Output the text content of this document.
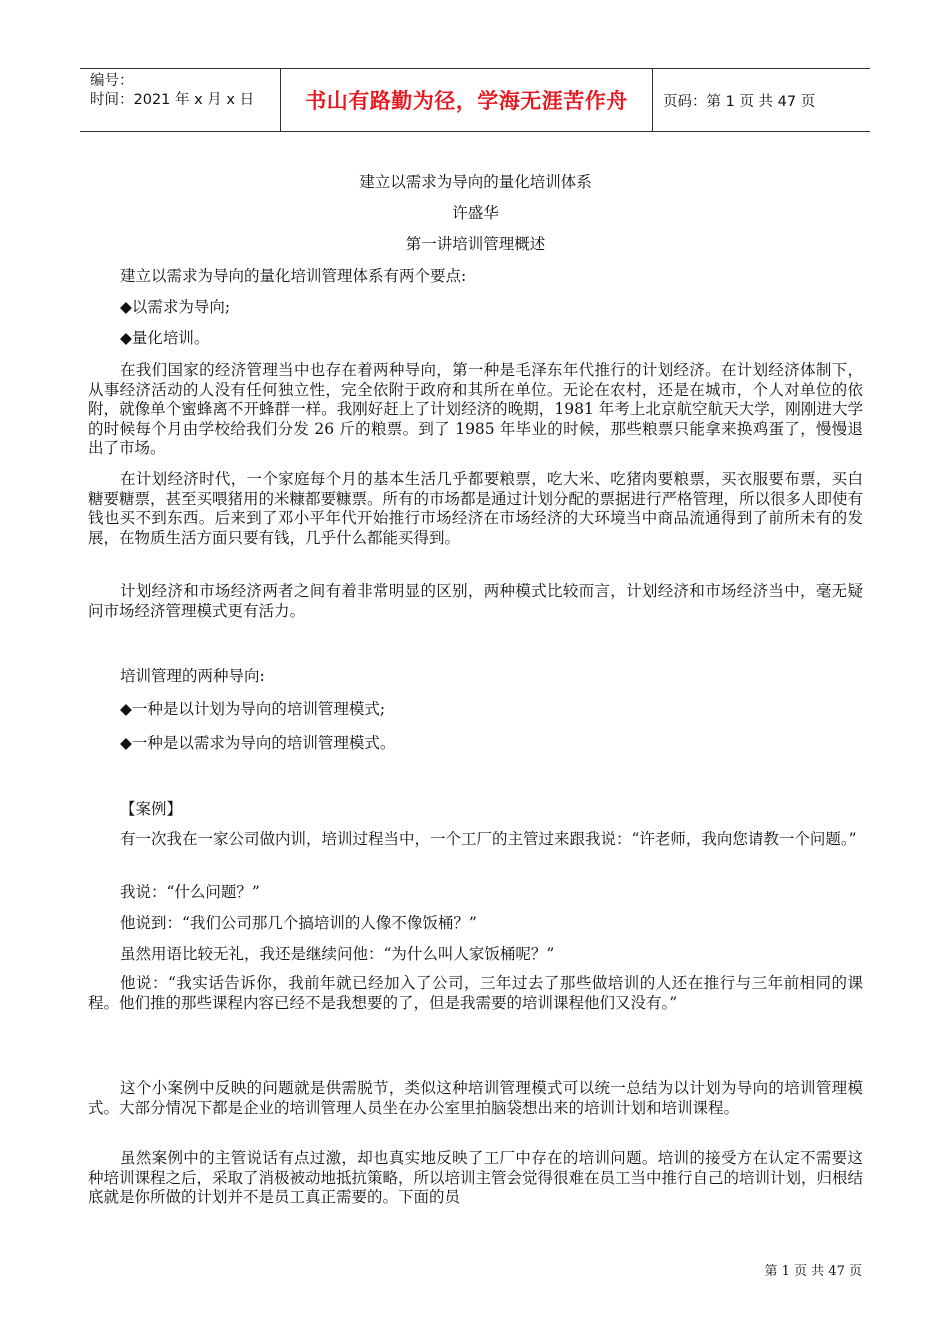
编号：
时间：2021 年 x 月 x 日	书山有路勤为径，学海无涯苦作舟	页码：第 1 页 共 47 页
建立以需求为导向的量化培训体系
许盛华
第一讲培训管理概述
建立以需求为导向的量化培训管理体系有两个要点:
◆以需求为导向;
◆量化培训。
在我们国家的经济管理当中也存在着两种导向，第一种是毛泽东年代推行的计划经济。在计划经济体制下，从事经济活动的人没有任何独立性，完全依附于政府和其所在单位。无论在农村，还是在城市，个人对单位的依附，就像单个蜜蜂离不开蜂群一样。我刚好赶上了计划经济的晚期，1981 年考上北京航空航天大学，刚刚进大学的时候每个月由学校给我们分发 26 斤的粮票。到了 1985 年毕业的时候，那些粮票只能拿来换鸡蛋了，慢慢退出了市场。
在计划经济时代，一个家庭每个月的基本生活几乎都要粮票，吃大米、吃猪肉要粮票，买衣服要布票，买白糖要糖票，甚至买喂猪用的米糠都要糠票。所有的市场都是通过计划分配的票据进行严格管理，所以很多人即使有钱也买不到东西。后来到了邓小平年代开始推行市场经济在市场经济的大环境当中商品流通得到了前所未有的发展，在物质生活方面只要有钱，几乎什么都能买得到。
计划经济和市场经济两者之间有着非常明显的区别，两种模式比较而言，计划经济和市场经济当中，毫无疑问市场经济管理模式更有活力。
培训管理的两种导向:
◆一种是以计划为导向的培训管理模式;
◆一种是以需求为导向的培训管理模式。
【案例】
有一次我在一家公司做内训，培训过程当中，一个工厂的主管过来跟我说：“许老师，我向您请教一个问题。”
我说：“什么问题？”
他说到：“我们公司那几个搞培训的人像不像饭桶？”
虽然用语比较无礼，我还是继续问他：“为什么叫人家饭桶呢？”
他说：“我实话告诉你，我前年就已经加入了公司，三年过去了那些做培训的人还在推行与三年前相同的课程。他们推的那些课程内容已经不是我想要的了，但是我需要的培训课程他们又没有。”
这个小案例中反映的问题就是供需脱节，类似这种培训管理模式可以统一总结为以计划为导向的培训管理模式。大部分情况下都是企业的培训管理人员坐在办公室里拍脑袋想出来的培训计划和培训课程。
虽然案例中的主管说话有点过激，却也真实地反映了工厂中存在的培训问题。培训的接受方在认定不需要这种培训课程之后，采取了消极被动地抵抗策略，所以培训主管会觉得很难在员工当中推行自己的培训计划，归根结底就是你所做的计划并不是员工真正需要的。下面的员
第 1 页 共 47 页
